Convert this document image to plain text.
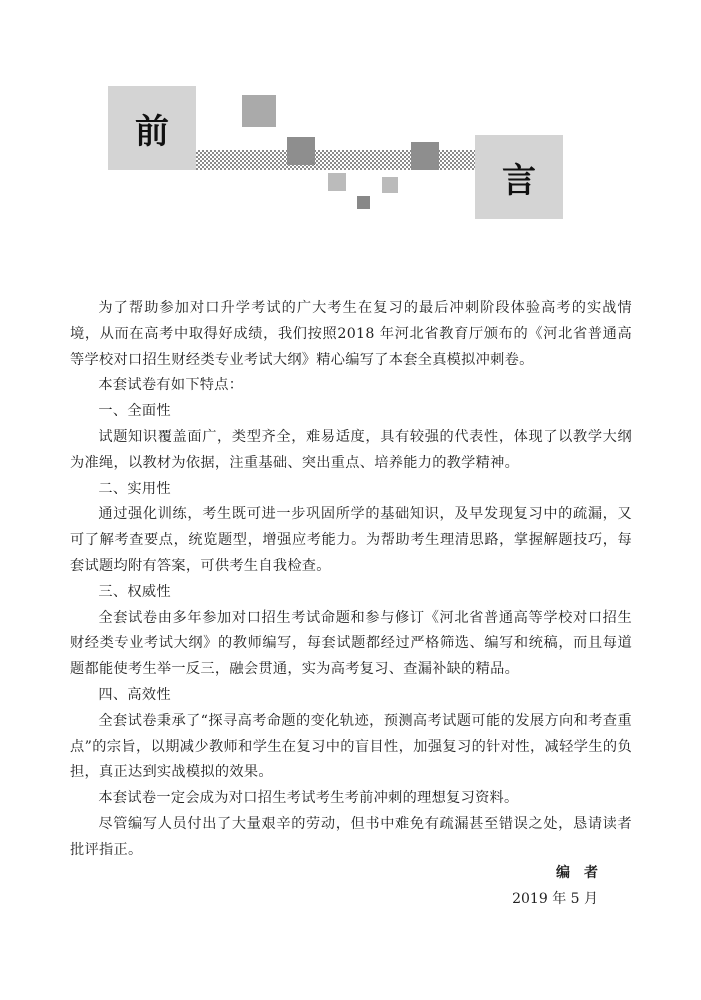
前
言

为了帮助参加对口升学考试的广大考生在复习的最后冲刺阶段体验高考的实战情境，从而在高考中取得好成绩，我们按照2018 年河北省教育厅颁布的《河北省普通高等学校对口招生财经类专业考试大纲》精心编写了本套全真模拟冲刺卷。

本套试卷有如下特点：

一、全面性

试题知识覆盖面广，类型齐全，难易适度，具有较强的代表性，体现了以教学大纲为准绳，以教材为依据，注重基础、突出重点、培养能力的教学精神。

二、实用性

通过强化训练，考生既可进一步巩固所学的基础知识，及早发现复习中的疏漏，又可了解考查要点，统览题型，增强应考能力。为帮助考生理清思路，掌握解题技巧，每套试题均附有答案，可供考生自我检查。

三、权威性

全套试卷由多年参加对口招生考试命题和参与修订《河北省普通高等学校对口招生财经类专业考试大纲》的教师编写，每套试题都经过严格筛选、编写和统稿，而且每道题都能使考生举一反三，融会贯通，实为高考复习、查漏补缺的精品。

四、高效性

全套试卷秉承了“探寻高考命题的变化轨迹，预测高考试题可能的发展方向和考查重点”的宗旨，以期减少教师和学生在复习中的盲目性，加强复习的针对性，减轻学生的负担，真正达到实战模拟的效果。

本套试卷一定会成为对口招生考试考生考前冲刺的理想复习资料。

尽管编写人员付出了大量艰辛的劳动，但书中难免有疏漏甚至错误之处，恳请读者批评指正。

编　者
2019 年 5 月
